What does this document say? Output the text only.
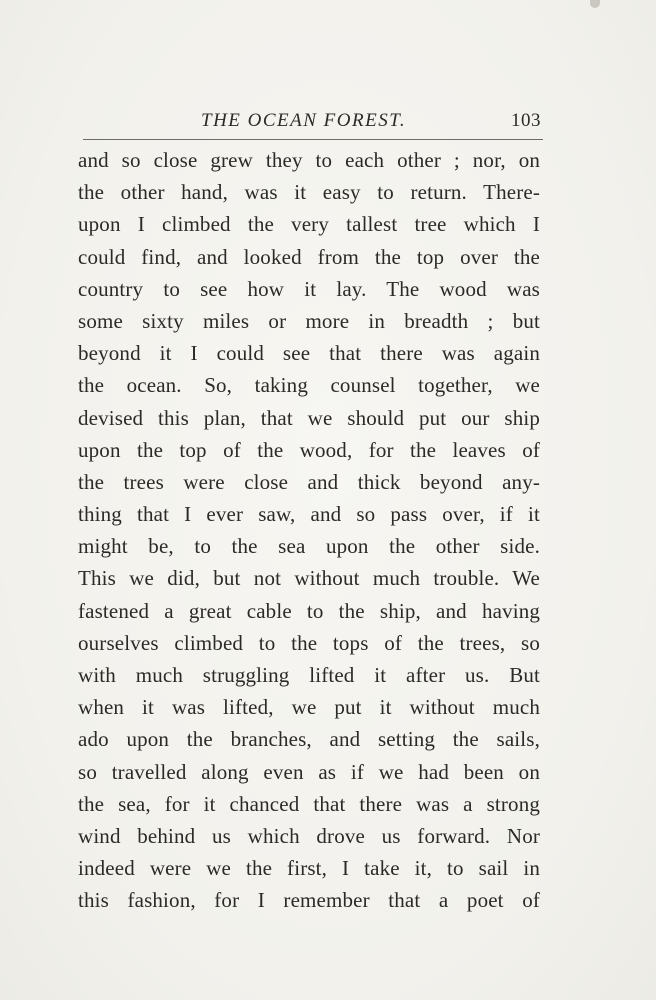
THE OCEAN FOREST.	103
and so close grew they to each other ; nor, on
the other hand, was it easy to return. There-
upon I climbed the very tallest tree which I
could find, and looked from the top over the
country to see how it lay. The wood was
some sixty miles or more in breadth ; but
beyond it I could see that there was again
the ocean. So, taking counsel together, we
devised this plan, that we should put our ship
upon the top of the wood, for the leaves of
the trees were close and thick beyond any-
thing that I ever saw, and so pass over, if it
might be, to the sea upon the other side.
This we did, but not without much trouble. We
fastened a great cable to the ship, and having
ourselves climbed to the tops of the trees, so
with much struggling lifted it after us. But
when it was lifted, we put it without much
ado upon the branches, and setting the sails,
so travelled along even as if we had been on
the sea, for it chanced that there was a strong
wind behind us which drove us forward. Nor
indeed were we the first, I take it, to sail in
this fashion, for I remember that a poet of
